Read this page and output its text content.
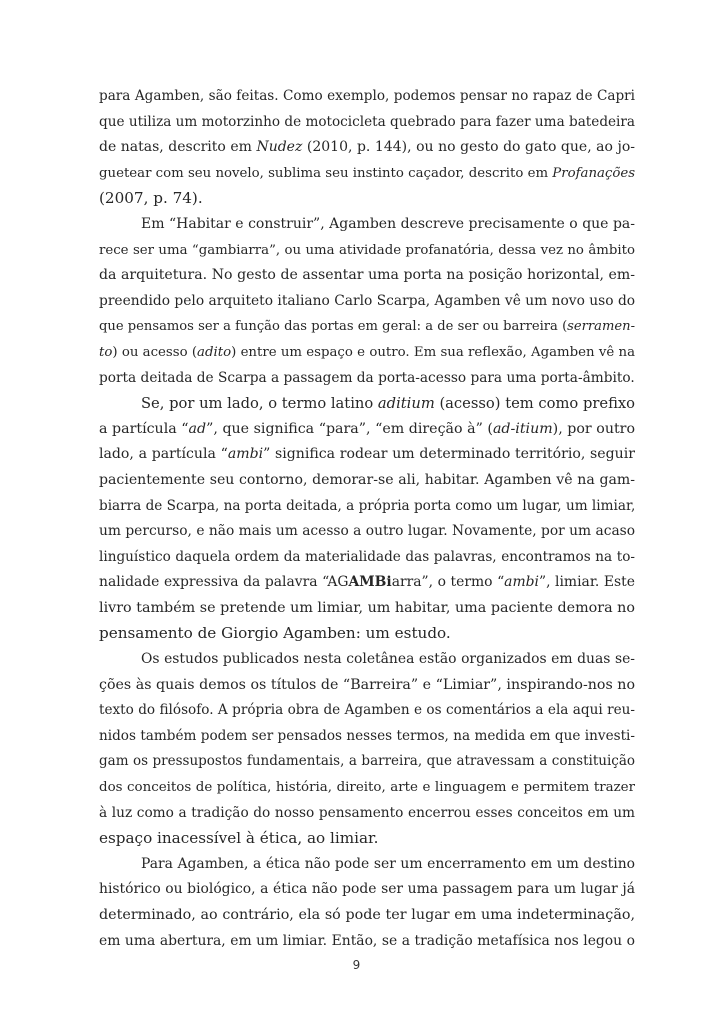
para Agamben, são feitas. Como exemplo, podemos pensar no rapaz de Capri
que utiliza um motorzinho de motocicleta quebrado para fazer uma batedeira
de natas, descrito em Nudez (2010, p. 144), ou no gesto do gato que, ao jo-
guetear com seu novelo, sublima seu instinto caçador, descrito em Profanações
(2007, p. 74).
Em “Habitar e construir”, Agamben descreve precisamente o que pa-
rece ser uma “gambiarra”, ou uma atividade profanatória, dessa vez no âmbito
da arquitetura. No gesto de assentar uma porta na posição horizontal, em-
preendido pelo arquiteto italiano Carlo Scarpa, Agamben vê um novo uso do
que pensamos ser a função das portas em geral: a de ser ou barreira (serramen-
to) ou acesso (adito) entre um espaço e outro. Em sua reflexão, Agamben vê na
porta deitada de Scarpa a passagem da porta-acesso para uma porta-âmbito.
Se, por um lado, o termo latino aditium (acesso) tem como prefixo
a partícula “ad”, que significa “para”, “em direção à” (ad-itium), por outro
lado, a partícula “ambi” significa rodear um determinado território, seguir
pacientemente seu contorno, demorar-se ali, habitar. Agamben vê na gam-
biarra de Scarpa, na porta deitada, a própria porta como um lugar, um limiar,
um percurso, e não mais um acesso a outro lugar. Novamente, por um acaso
linguístico daquela ordem da materialidade das palavras, encontramos na to-
nalidade expressiva da palavra “AGAMBiarra”, o termo “ambi”, limiar. Este
livro também se pretende um limiar, um habitar, uma paciente demora no
pensamento de Giorgio Agamben: um estudo.
Os estudos publicados nesta coletânea estão organizados em duas se-
ções às quais demos os títulos de “Barreira” e “Limiar”, inspirando-nos no
texto do filósofo. A própria obra de Agamben e os comentários a ela aqui reu-
nidos também podem ser pensados nesses termos, na medida em que investi-
gam os pressupostos fundamentais, a barreira, que atravessam a constituição
dos conceitos de política, história, direito, arte e linguagem e permitem trazer
à luz como a tradição do nosso pensamento encerrou esses conceitos em um
espaço inacessível à ética, ao limiar.
Para Agamben, a ética não pode ser um encerramento em um destino
histórico ou biológico, a ética não pode ser uma passagem para um lugar já
determinado, ao contrário, ela só pode ter lugar em uma indeterminação,
em uma abertura, em um limiar. Então, se a tradição metafísica nos legou o
9
